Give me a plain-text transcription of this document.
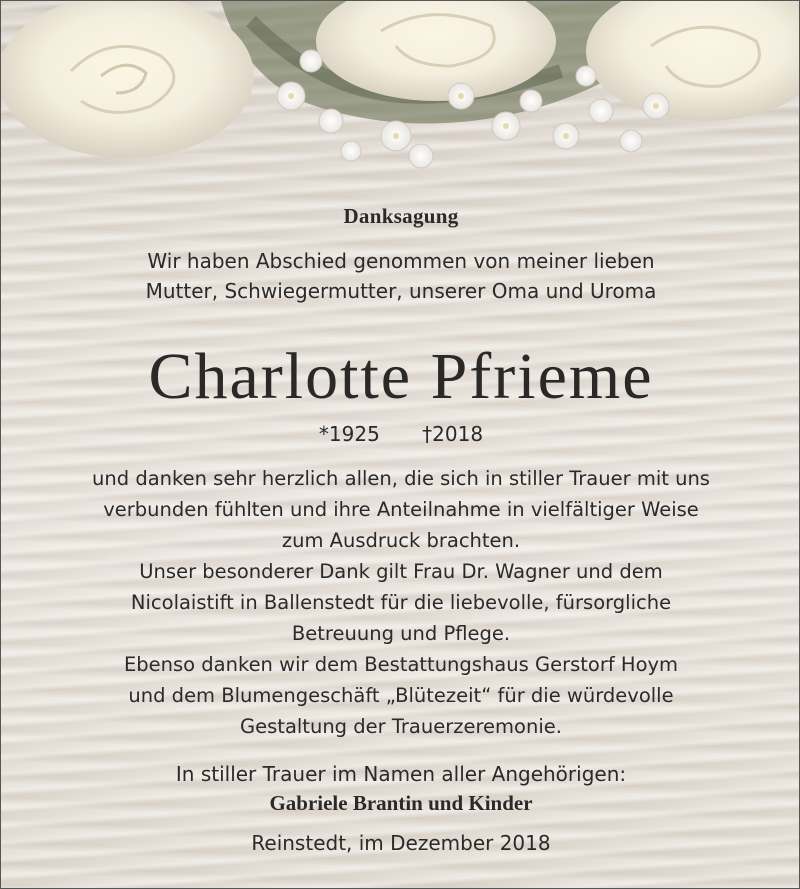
Danksagung
Wir haben Abschied genommen von meiner lieben
Mutter, Schwiegermutter, unserer Oma und Uroma
Charlotte Pfrieme
*1925 †2018
und danken sehr herzlich allen, die sich in stiller Trauer mit uns
verbunden fühlten und ihre Anteilnahme in vielfältiger Weise
zum Ausdruck brachten.
Unser besonderer Dank gilt Frau Dr. Wagner und dem
Nicolaistift in Ballenstedt für die liebevolle, fürsorgliche
Betreuung und Pflege.
Ebenso danken wir dem Bestattungshaus Gerstorf Hoym
und dem Blumengeschäft „Blütezeit“ für die würdevolle
Gestaltung der Trauerzeremonie.
In stiller Trauer im Namen aller Angehörigen:
Gabriele Brantin und Kinder
Reinstedt, im Dezember 2018
